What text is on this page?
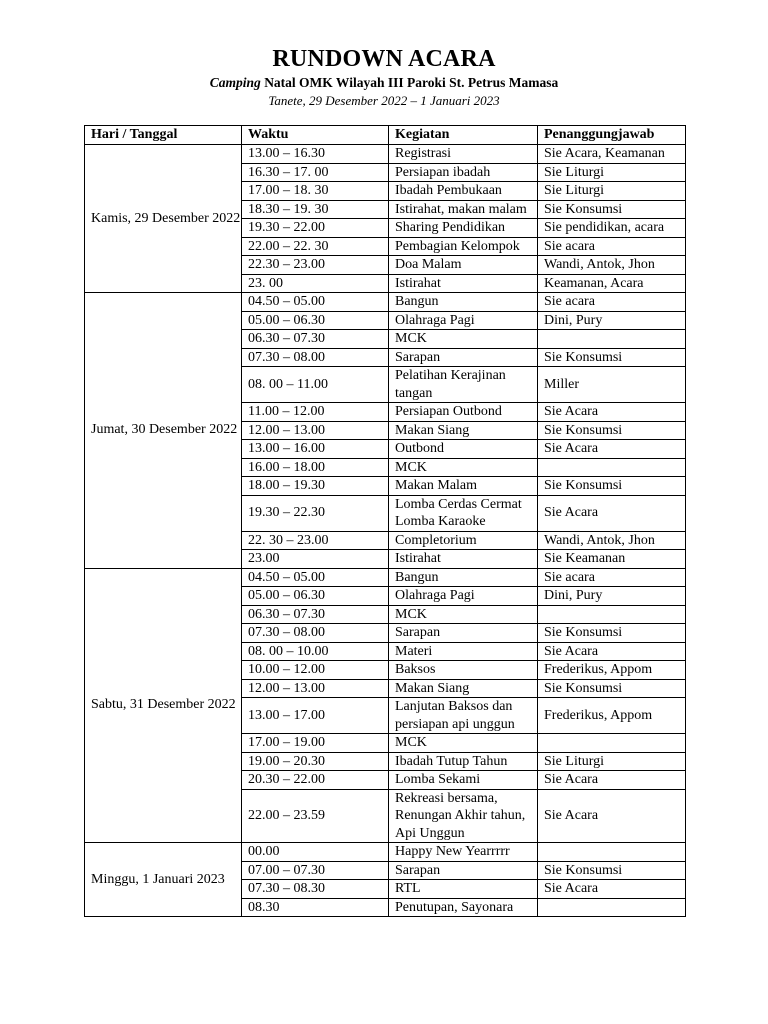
RUNDOWN ACARA
Camping Natal OMK Wilayah III Paroki St. Petrus Mamasa
Tanete, 29 Desember 2022 – 1 Januari 2023
Hari / Tanggal	Waktu	Kegiatan	Penanggungjawab
Kamis, 29 Desember 2022	13.00 – 16.30	Registrasi	Sie Acara, Keamanan
	16.30 – 17. 00	Persiapan ibadah	Sie Liturgi
	17.00 – 18. 30	Ibadah Pembukaan	Sie Liturgi
	18.30 – 19. 30	Istirahat, makan malam	Sie Konsumsi
	19.30 – 22.00	Sharing Pendidikan	Sie pendidikan, acara
	22.00 – 22. 30	Pembagian Kelompok	Sie acara
	22.30 – 23.00	Doa Malam	Wandi, Antok, Jhon
	23. 00	Istirahat	Keamanan, Acara
Jumat, 30 Desember 2022	04.50 – 05.00	Bangun	Sie acara
	05.00 – 06.30	Olahraga Pagi	Dini, Pury
	06.30 – 07.30	MCK	
	07.30 – 08.00	Sarapan	Sie Konsumsi
	08. 00 – 11.00	Pelatihan Kerajinan tangan	Miller
	11.00 – 12.00	Persiapan Outbond	Sie Acara
	12.00 – 13.00	Makan Siang	Sie Konsumsi
	13.00 – 16.00	Outbond	Sie Acara
	16.00 – 18.00	MCK	
	18.00 – 19.30	Makan Malam	Sie Konsumsi
	19.30 – 22.30	Lomba Cerdas Cermat Lomba Karaoke	Sie Acara
	22. 30 – 23.00	Completorium	Wandi, Antok, Jhon
	23.00	Istirahat	Sie Keamanan
Sabtu, 31 Desember 2022	04.50 – 05.00	Bangun	Sie acara
	05.00 – 06.30	Olahraga Pagi	Dini, Pury
	06.30 – 07.30	MCK	
	07.30 – 08.00	Sarapan	Sie Konsumsi
	08. 00 – 10.00	Materi	Sie Acara
	10.00 – 12.00	Baksos	Frederikus, Appom
	12.00 – 13.00	Makan Siang	Sie Konsumsi
	13.00 – 17.00	Lanjutan Baksos dan persiapan api unggun	Frederikus, Appom
	17.00 – 19.00	MCK	
	19.00 – 20.30	Ibadah Tutup Tahun	Sie Liturgi
	20.30 – 22.00	Lomba Sekami	Sie Acara
	22.00 – 23.59	Rekreasi bersama, Renungan Akhir tahun, Api Unggun	Sie Acara
Minggu, 1 Januari 2023	00.00	Happy New Yearrrrr	
	07.00 – 07.30	Sarapan	Sie Konsumsi
	07.30 – 08.30	RTL	Sie Acara
	08.30	Penutupan, Sayonara	
